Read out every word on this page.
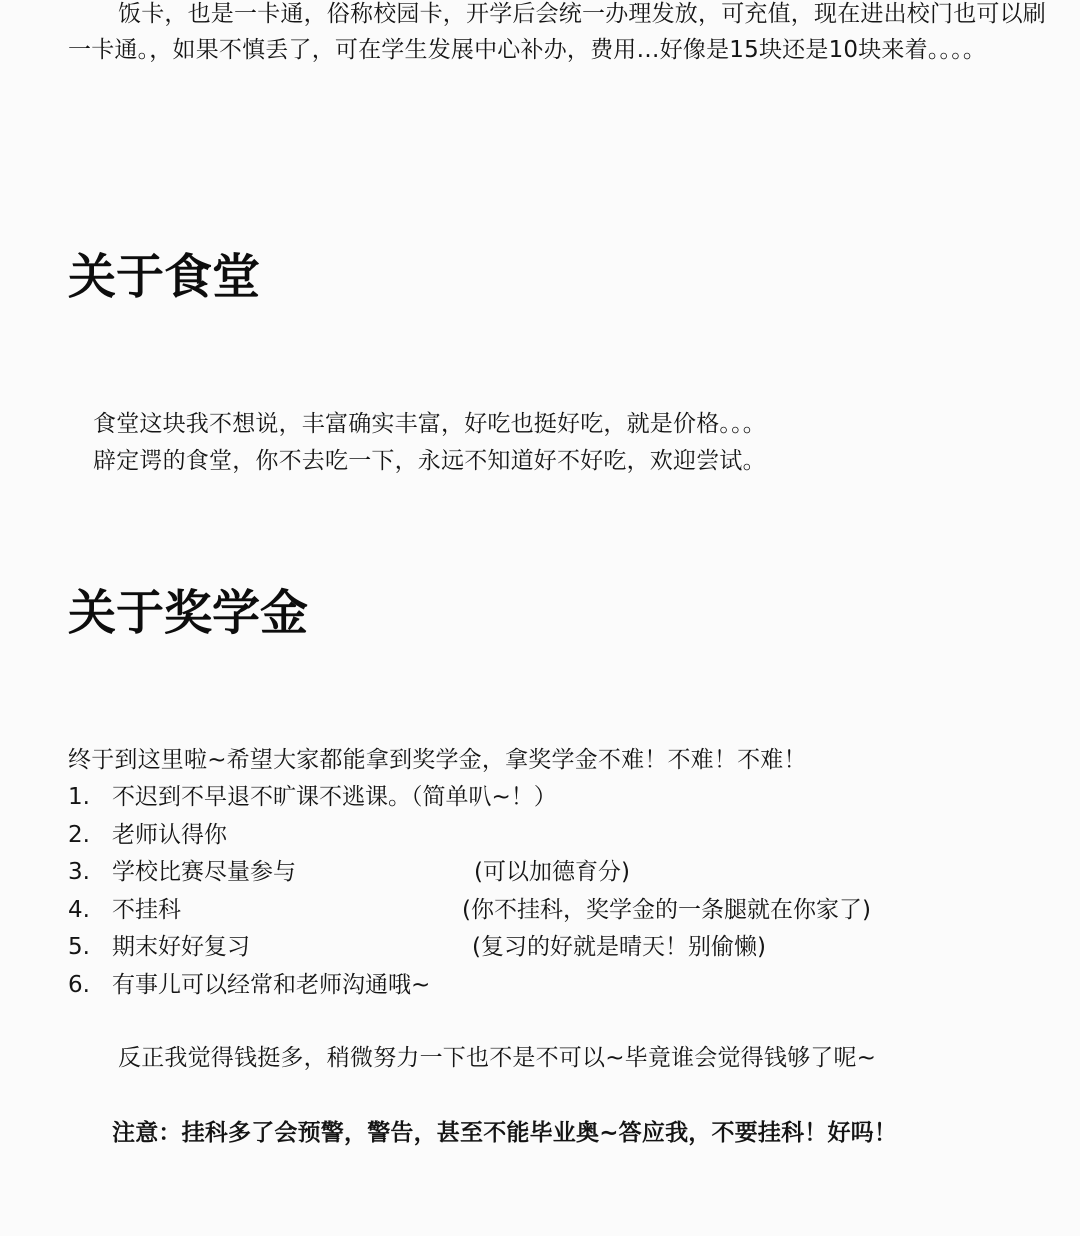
饭卡，也是一卡通，俗称校园卡，开学后会统一办理发放，可充值，现在进出校门也可以刷一卡通。，如果不慎丢了，可在学生发展中心补办，费用…好像是15块还是10块来着。。。。

关于食堂

食堂这块我不想说，丰富确实丰富，好吃也挺好吃，就是价格。。。

辟定谔的食堂，你不去吃一下，永远不知道好不好吃，欢迎尝试。

关于奖学金

终于到这里啦~希望大家都能拿到奖学金，拿奖学金不难！不难！不难！

1. 不迟到不早退不旷课不逃课。（简单叭~！）
2. 老师认得你
3. 学校比赛尽量参与	(可以加德育分)
4. 不挂科	(你不挂科，奖学金的一条腿就在你家了)
5. 期末好好复习	(复习的好就是晴天！别偷懒)
6. 有事儿可以经常和老师沟通哦~

反正我觉得钱挺多，稍微努力一下也不是不可以~毕竟谁会觉得钱够了呢~

注意：挂科多了会预警，警告，甚至不能毕业奥~答应我，不要挂科！好吗！
